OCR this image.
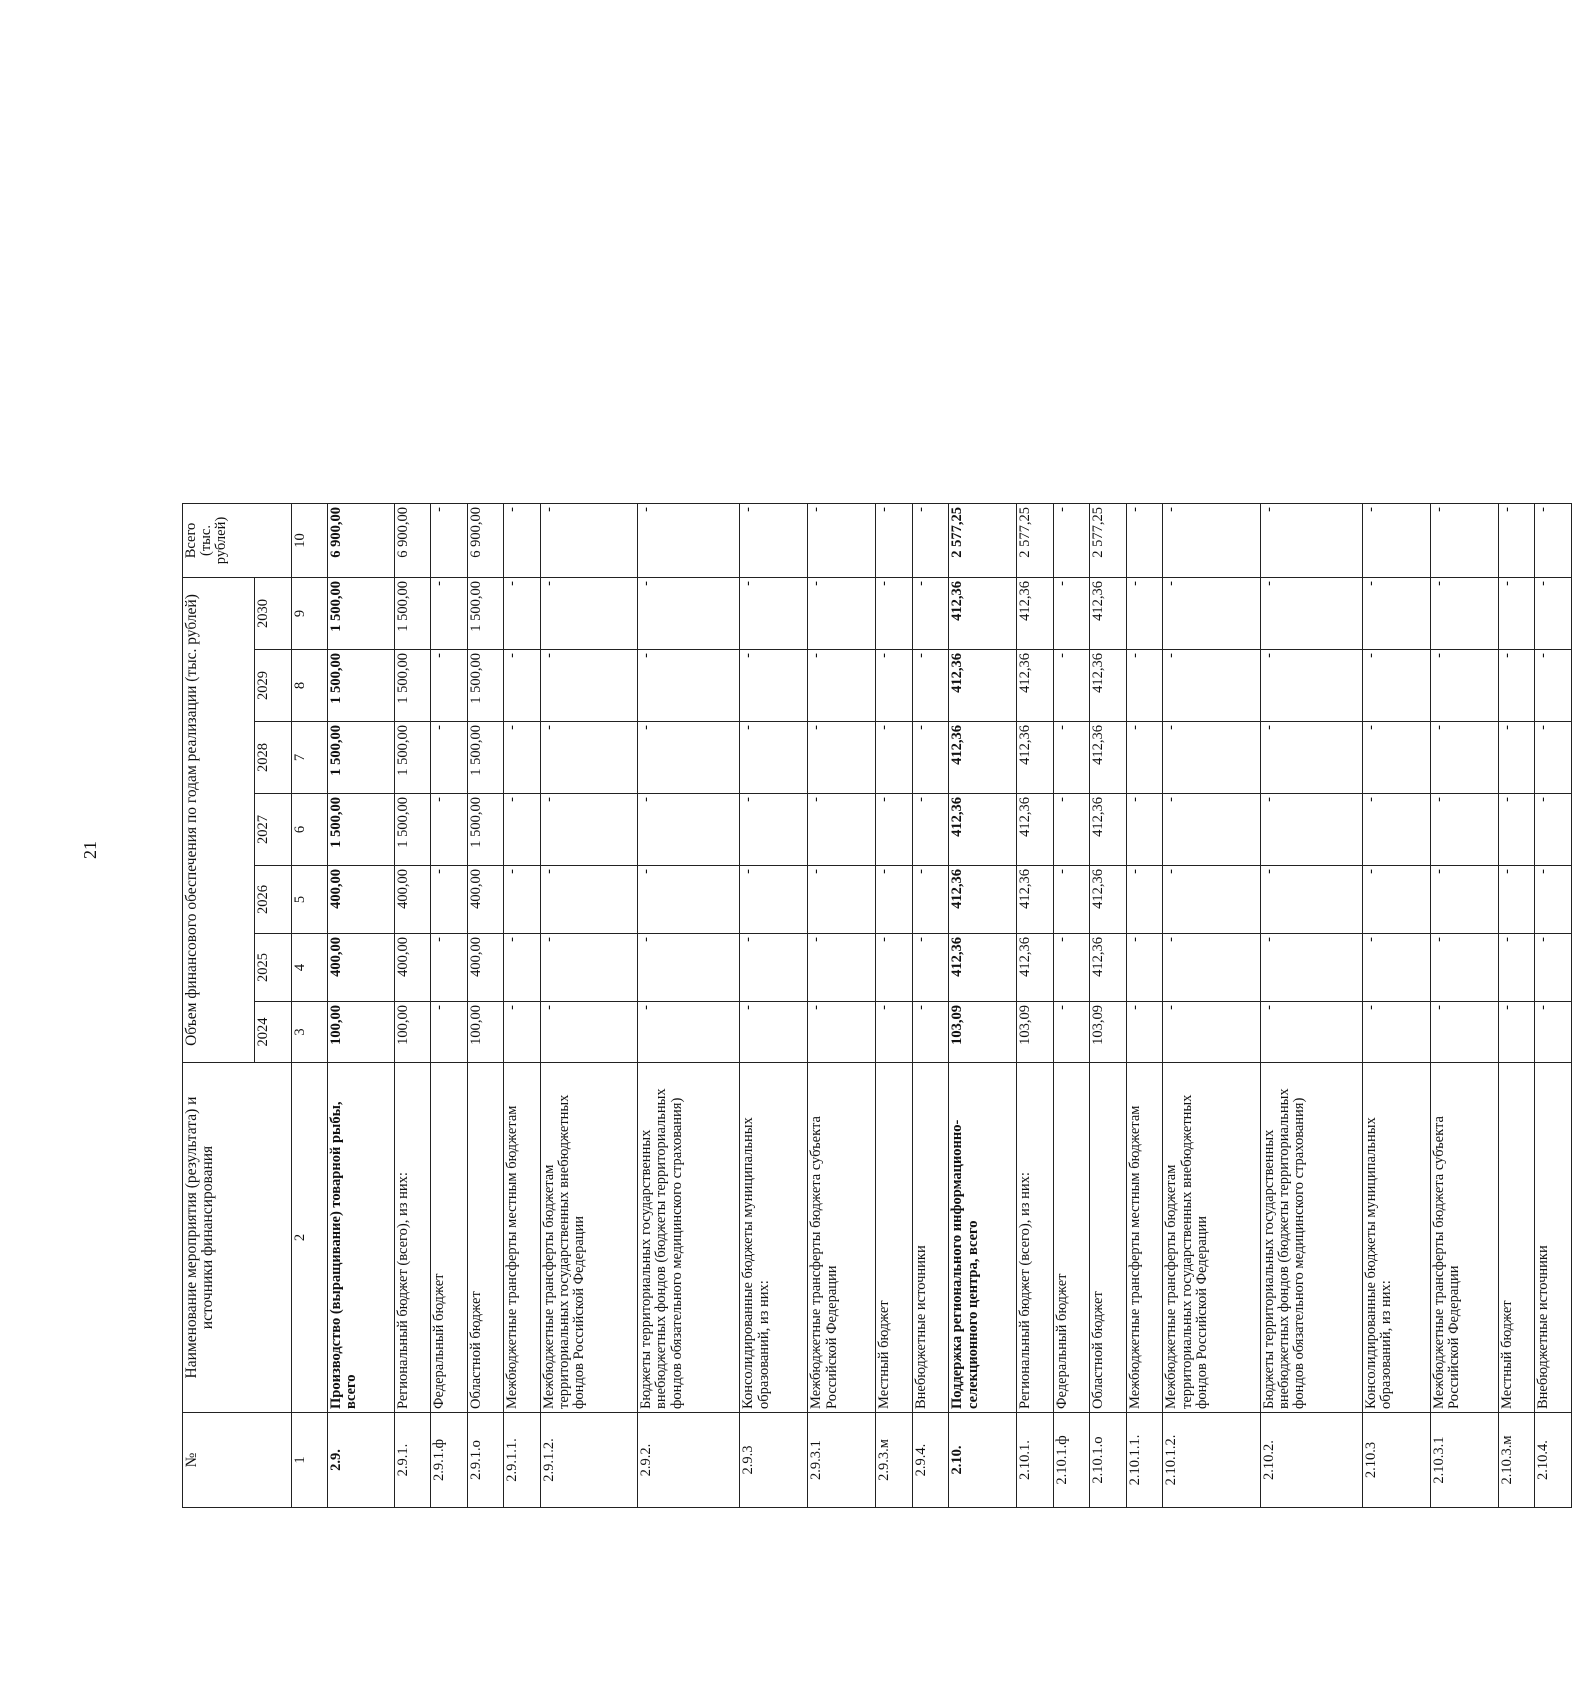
21
№	Наименование мероприятия (результата) и источники финансирования	Объем финансового обеспечения по годам реализации (тыс. рублей)							Всего (тыс. рублей)
		2024	2025	2026	2027	2028	2029	2030	
1	2	3	4	5	6	7	8	9	10
2.9.	Производство (выращивание) товарной рыбы, всего	100,00	400,00	400,00	1 500,00	1 500,00	1 500,00	1 500,00	6 900,00
2.9.1.	Региональный бюджет (всего), из них:	100,00	400,00	400,00	1 500,00	1 500,00	1 500,00	1 500,00	6 900,00
2.9.1.ф	Федеральный бюджет	-	-	-	-	-	-	-	-
2.9.1.о	Областной бюджет	100,00	400,00	400,00	1 500,00	1 500,00	1 500,00	1 500,00	6 900,00
2.9.1.1.	Межбюджетные трансферты местным бюджетам	-	-	-	-	-	-	-	-
2.9.1.2.	Межбюджетные трансферты бюджетам территориальных государственных внебюджетных фондов Российской Федерации	-	-	-	-	-	-	-	-
2.9.2.	Бюджеты территориальных государственных внебюджетных фондов (бюджеты территориальных фондов обязательного медицинского страхования)	-	-	-	-	-	-	-	-
2.9.3	Консолидированные бюджеты муниципальных образований, из них:	-	-	-	-	-	-	-	-
2.9.3.1	Межбюджетные трансферты бюджета субъекта Российской Федерации	-	-	-	-	-	-	-	-
2.9.3.м	Местный бюджет	-	-	-	-	-	-	-	-
2.9.4.	Внебюджетные источники	-	-	-	-	-	-	-	-
2.10.	Поддержка регионального информационно-селекционного центра, всего	103,09	412,36	412,36	412,36	412,36	412,36	412,36	2 577,25
2.10.1.	Региональный бюджет (всего), из них:	103,09	412,36	412,36	412,36	412,36	412,36	412,36	2 577,25
2.10.1.ф	Федеральный бюджет	-	-	-	-	-	-	-	-
2.10.1.о	Областной бюджет	103,09	412,36	412,36	412,36	412,36	412,36	412,36	2 577,25
2.10.1.1.	Межбюджетные трансферты местным бюджетам	-	-	-	-	-	-	-	-
2.10.1.2.	Межбюджетные трансферты бюджетам территориальных государственных внебюджетных фондов Российской Федерации	-	-	-	-	-	-	-	-
2.10.2.	Бюджеты территориальных государственных внебюджетных фондов (бюджеты территориальных фондов обязательного медицинского страхования)	-	-	-	-	-	-	-	-
2.10.3	Консолидированные бюджеты муниципальных образований, из них:	-	-	-	-	-	-	-	-
2.10.3.1	Межбюджетные трансферты бюджета субъекта Российской Федерации	-	-	-	-	-	-	-	-
2.10.3.м	Местный бюджет	-	-	-	-	-	-	-	-
2.10.4.	Внебюджетные источники	-	-	-	-	-	-	-	-
